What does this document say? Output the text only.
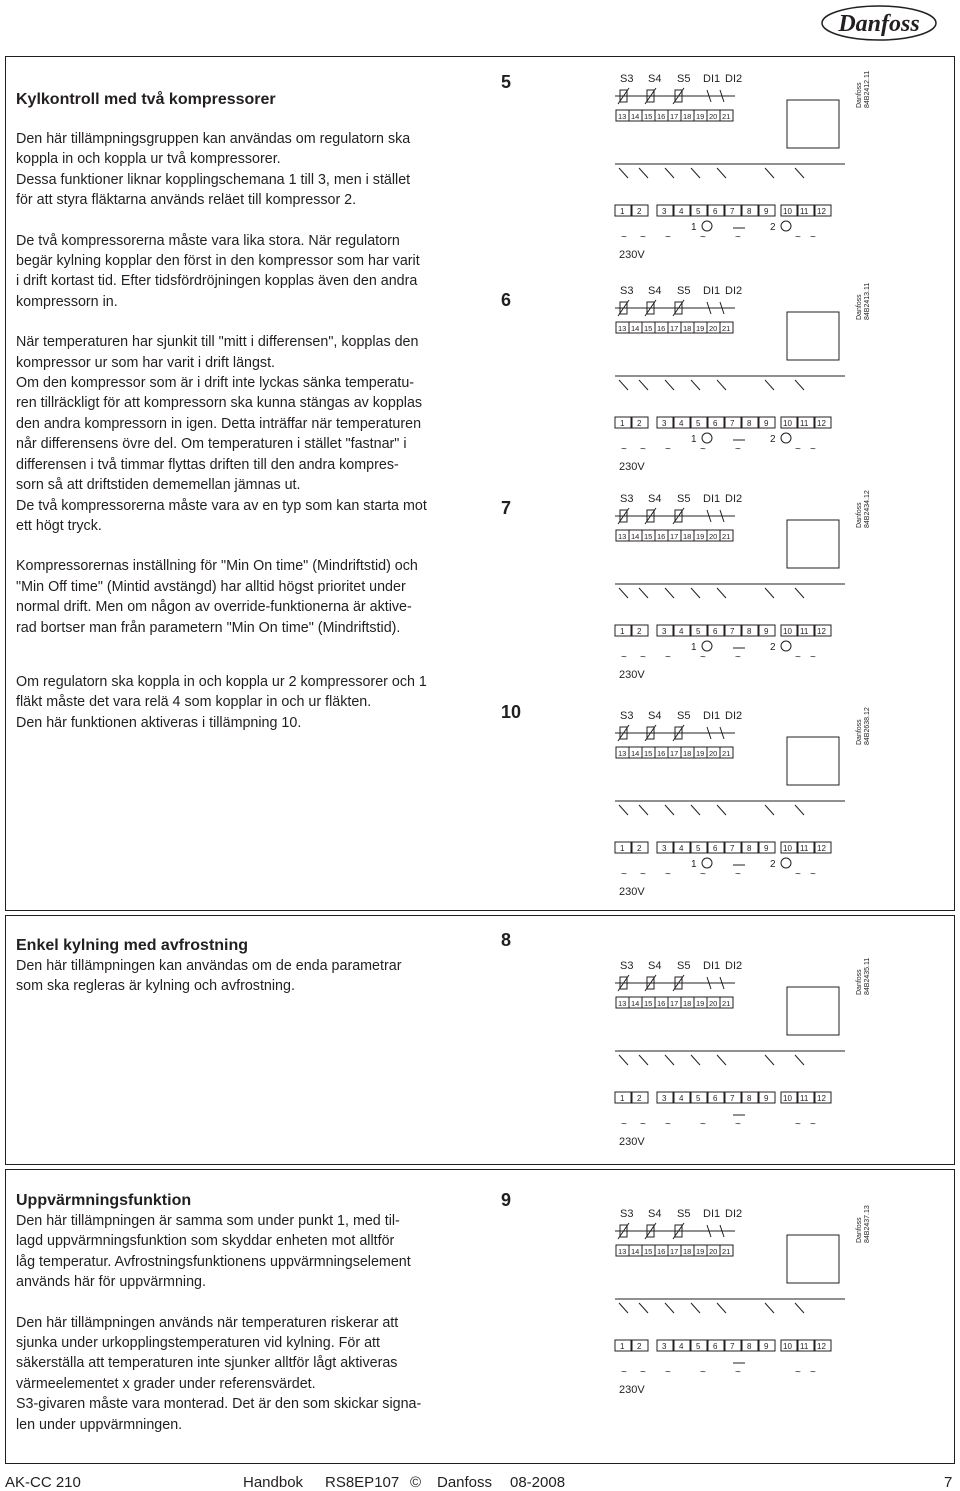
Danfoss
Kylkontroll med två kompressorer

Den här tillämpningsgruppen kan användas om regulatorn ska

koppla in och koppla ur två kompressorer.

Dessa funktioner liknar kopplingschemana 1 till 3, men i stället

för att styra fläktarna används reläet till kompressor 2.

De två kompressorerna måste vara lika stora. När regulatorn

begär kylning kopplar den först in den kompressor som har varit

i drift kortast tid. Efter tidsfördröjningen kopplas även den andra

kompressorn in.

När temperaturen har sjunkit till "mitt i differensen", kopplas den

kompressor ur som har varit i drift längst.

Om den kompressor som är i drift inte lyckas sänka temperatu-

ren tillräckligt för att kompressorn ska kunna stängas av kopplas

den andra kompressorn in igen. Detta inträffar när temperaturen

når differensens övre del. Om temperaturen i stället "fastnar" i

differensen i två timmar flyttas driften till den andra kompres-

sorn så att driftstiden dememellan jämnas ut.

De två kompressorerna måste vara av en typ som kan starta mot

ett högt tryck.

Kompressorernas inställning för "Min On time" (Mindriftstid) och

"Min Off time" (Mintid avstängd) har alltid högst prioritet under

normal drift. Men om någon av override-funktionerna är aktive-

rad bortser man från parametern "Min On time" (Mindriftstid).

Om regulatorn ska koppla in och koppla ur 2 kompressorer och 1

fläkt måste det vara relä 4 som kopplar in och ur fläkten.

Den här funktionen aktiveras i tillämpning 10.

Enkel kylning med avfrostning

Den här tillämpningen kan användas om de enda parametrar

som ska regleras är kylning och avfrostning.

Uppvärmningsfunktion

Den här tillämpningen är samma som under punkt 1, med til-

lagd uppvärmningsfunktion som skyddar enheten mot alltför

låg temperatur. Avfrostningsfunktionens uppvärmningselement

används här för uppvärmning.

Den här tillämpningen används när temperaturen riskerar att

sjunka under urkopplingstemperaturen vid kylning. För att

säkerställa att temperaturen inte sjunker alltför lågt aktiveras

värmeelementet x grader under referensvärdet.

S3-givaren måste vara monterad. Det är den som skickar signa-

len under uppvärmningen.

5
6
7
10
8
9
S3 S4 S5 DI1 DI2
13 14 15 16 17 18 19 20 21
Danfoss84B2412.11
1 2	3 4 5 6 7 8 9 10 11 12
1	2
~ ~ ~	~	~	~ ~
230V
S3 S4 S5 DI1 DI2
13 14 15 16 17 18 19 20 21
Danfoss84B2413.11
1 2	3 4 5 6 7 8 9 10 11 12
1	2
~ ~ ~	~	~	~ ~
230V
S3 S4 S5 DI1 DI2
13 14 15 16 17 18 19 20 21
Danfoss84B2434.12
1 2	3 4 5 6 7 8 9 10 11 12
1	2
~ ~ ~	~	~	~ ~
230V
S3 S4 S5 DI1 DI2
13 14 15 16 17 18 19 20 21
Danfoss84B2638.12
1 2	3 4 5 6 7 8 9 10 11 12
1	2
~ ~ ~	~	~	~ ~
230V
S3 S4 S5 DI1 DI2
13 14 15 16 17 18 19 20 21
Danfoss84B2435.11
1 2	3 4 5 6 7 8 9 10 11 12
~ ~ ~	~	~	~ ~
230V
S3 S4 S5 DI1 DI2
13 14 15 16 17 18 19 20 21
Danfoss84B2437.13
1 2	3 4 5 6 7 8 9 10 11 12
~ ~ ~	~	~	~ ~
230V
AK-CC 210	Handbok RS8EP107 © Danfoss 08-2008	7
